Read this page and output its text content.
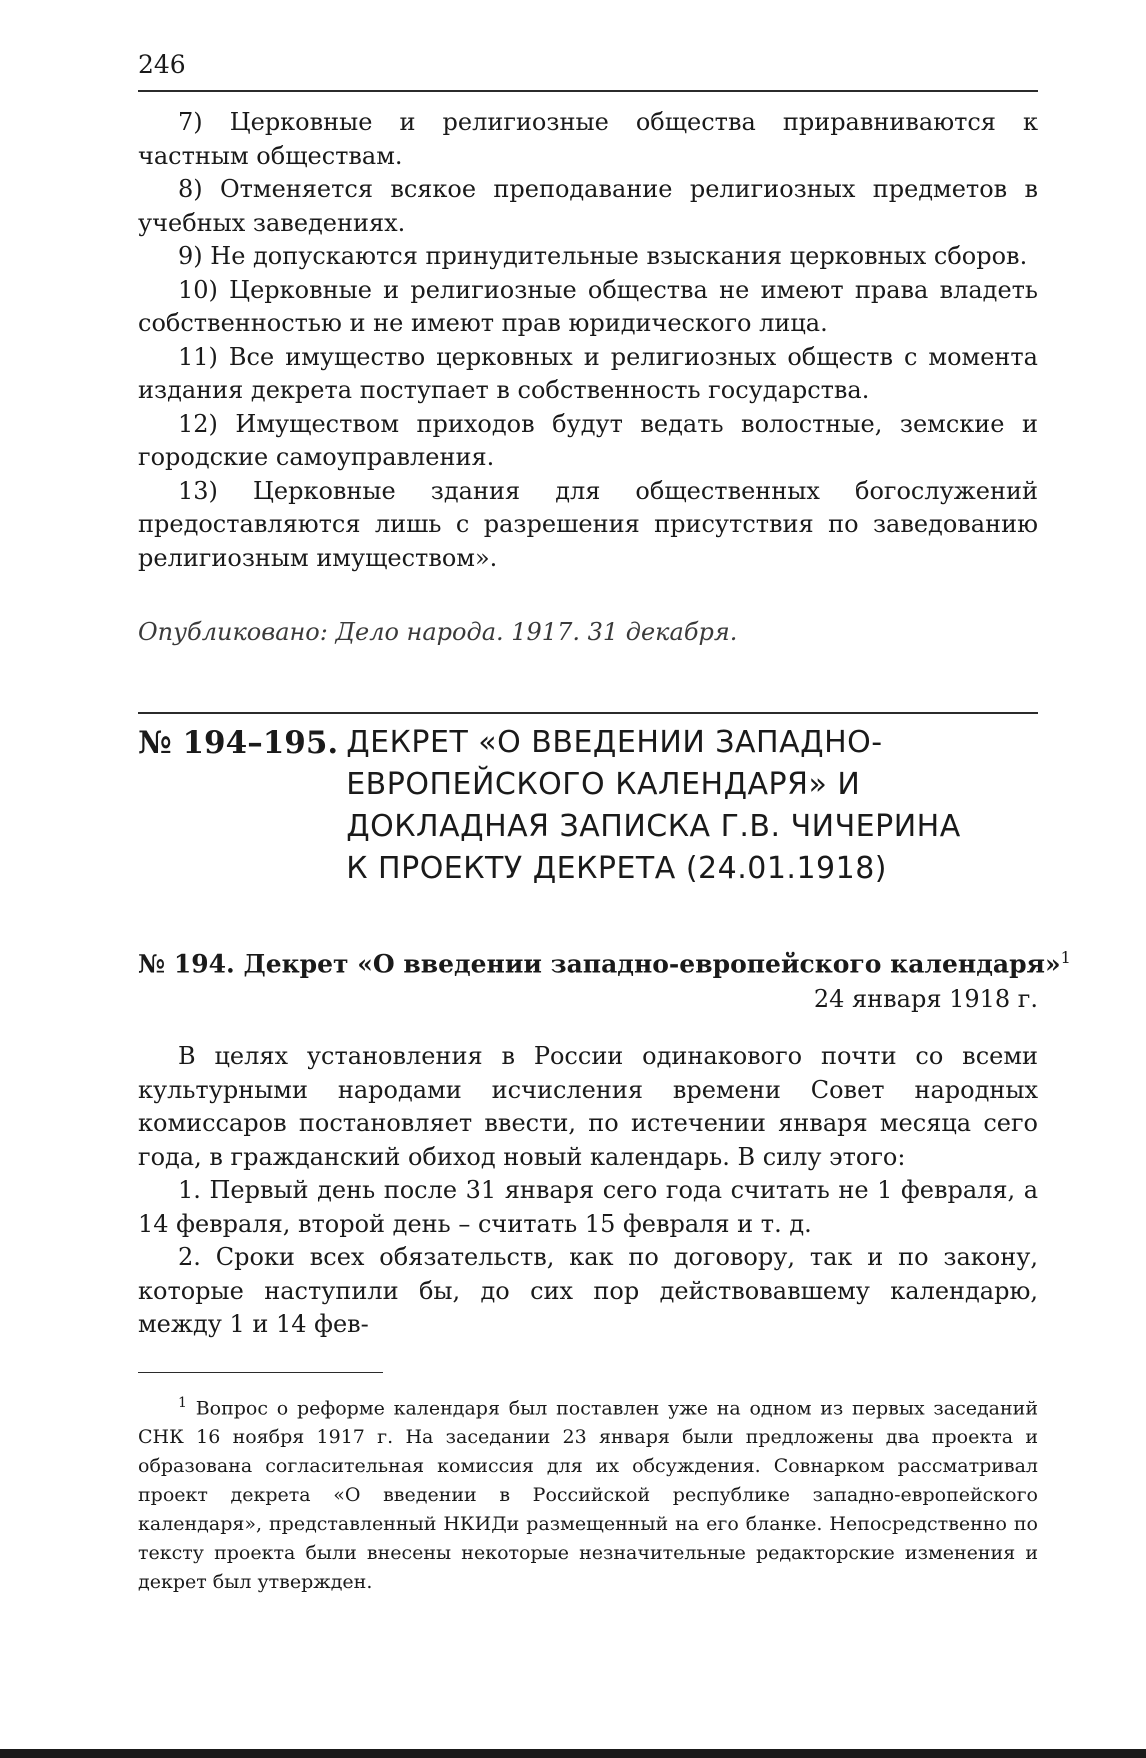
246

7) Церковные и религиозные общества приравниваются к частным обществам.

8) Отменяется всякое преподавание религиозных предметов в учебных заведениях.

9) Не допускаются принудительные взыскания церковных сборов.

10) Церковные и религиозные общества не имеют права владеть собственностью и не имеют прав юридического лица.

11) Все имущество церковных и религиозных обществ с момента издания декрета поступает в собственность государства.

12) Имуществом приходов будут ведать волостные, земские и городские самоуправления.

13) Церковные здания для общественных богослужений предоставляются лишь с разрешения присутствия по заведованию религиозным имуществом».

Опубликовано: Дело народа. 1917. 31 декабря.
№ 194–195. ДЕКРЕТ «О ВВЕДЕНИИ ЗАПАДНО-ЕВРОПЕЙСКОГО КАЛЕНДАРЯ» И ДОКЛАДНАЯ ЗАПИСКА Г.В. ЧИЧЕРИНА К ПРОЕКТУ ДЕКРЕТА (24.01.1918)
№ 194. Декрет «О введении западно-европейского календаря»$^1$
24 января 1918 г.

В целях установления в России одинакового почти со всеми культурными народами исчисления времени Совет народных комиссаров постановляет ввести, по истечении января месяца сего года, в гражданский обиход новый календарь. В силу этого:

1. Первый день после 31 января сего года считать не 1 февраля, а 14 февраля, второй день – считать 15 февраля и т. д.

2. Сроки всех обязательств, как по договору, так и по закону, которые наступили бы, до сих пор действовавшему календарю, между 1 и 14 фев-

$^1$ Вопрос о реформе календаря был поставлен уже на одном из первых заседаний СНК 16 ноября 1917 г. На заседании 23 января были предложены два проекта и образована согласительная комиссия для их обсуждения. Совнарком рассматривал проект декрета «О введении в Российской республике западно-европейского календаря», представленный НКИДи размещенный на его бланке. Непосредственно по тексту проекта были внесены некоторые незначительные редакторские изменения и декрет был утвержден.
